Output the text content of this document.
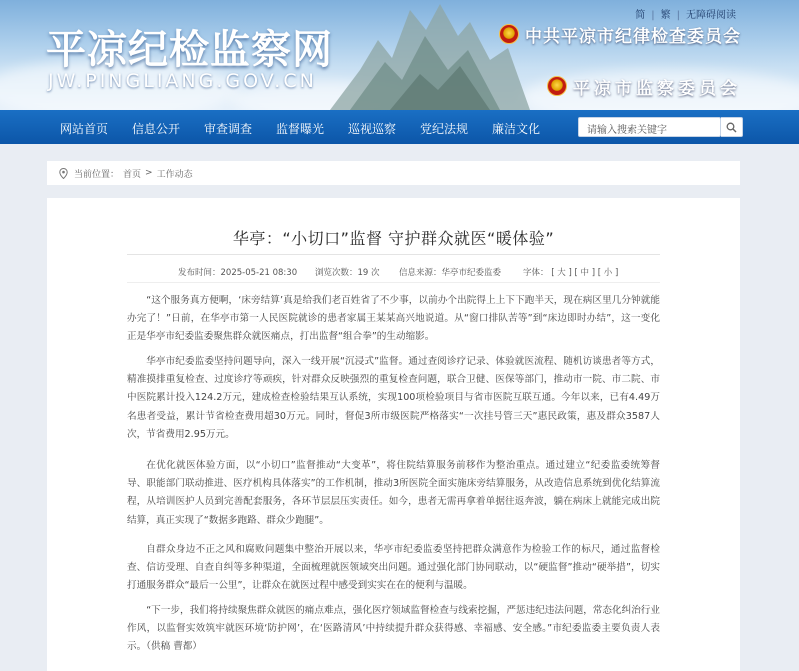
平凉纪检监察网
JW.PINGLIANG.GOV.CN
简 | 繁 | 无障碍阅读
中共平凉市纪律检查委员会
平凉市监察委员会
网站首页 信息公开 审查调查 监督曝光 巡视巡察 党纪法规 廉洁文化	请输入搜索关键字
当前位置： 首页 > 工作动态
华亭：“小切口”监督 守护群众就医“暖体验”
发布时间：2025-05-21 08:30 浏览次数：19 次 信息来源：华亭市纪委监委	字体： [ 大 ] [ 中 ] [ 小 ]

“这个服务真方便啊，‘床旁结算’真是给我们老百姓省了不少事，以前办个出院得上上下下跑半天，现在病区里几分钟就能办完了！”日前，在华亭市第一人民医院就诊的患者家属王某某高兴地说道。从“窗口排队苦等”到“床边即时办结”，这一变化正是华亭市纪委监委聚焦群众就医痛点，打出监督“组合拳”的生动缩影。

华亭市纪委监委坚持问题导向，深入一线开展“沉浸式”监督。通过查阅诊疗记录、体验就医流程、随机访谈患者等方式，精准摸排重复检查、过度诊疗等顽疾，针对群众反映强烈的重复检查问题，联合卫健、医保等部门，推动市一院、市二院、市中医院累计投入124.2万元，建成检查检验结果互认系统，实现100项检验项目与省市医院互联互通。今年以来，已有4.49万名患者受益，累计节省检查费用超30万元。同时，督促3所市级医院严格落实“一次挂号管三天”惠民政策，惠及群众3587人次，节省费用2.95万元。

在优化就医体验方面，以“小切口”监督推动“大变革”，将住院结算服务前移作为整治重点。通过建立“纪委监委统筹督导、职能部门联动推进、医疗机构具体落实”的工作机制，推动3所医院全面实施床旁结算服务，从改造信息系统到优化结算流程，从培训医护人员到完善配套服务，各环节层层压实责任。如今，患者无需再拿着单据往返奔波，躺在病床上就能完成出院结算，真正实现了“数据多跑路、群众少跑腿”。

自群众身边不正之风和腐败问题集中整治开展以来，华亭市纪委监委坚持把群众满意作为检验工作的标尺，通过监督检查、信访受理、自查自纠等多种渠道，全面梳理就医领域突出问题。通过强化部门协同联动，以“硬监督”推动“硬举措”，切实打通服务群众“最后一公里”，让群众在就医过程中感受到实实在在的便利与温暖。

“下一步，我们将持续聚焦群众就医的痛点难点，强化医疗领域监督检查与线索挖掘，严惩违纪违法问题，常态化纠治行业作风，以监督实效筑牢就医环境‘防护网’，在‘医路清风’中持续提升群众获得感、幸福感、安全感。”市纪委监委主要负责人表示。（供稿 曹都）
